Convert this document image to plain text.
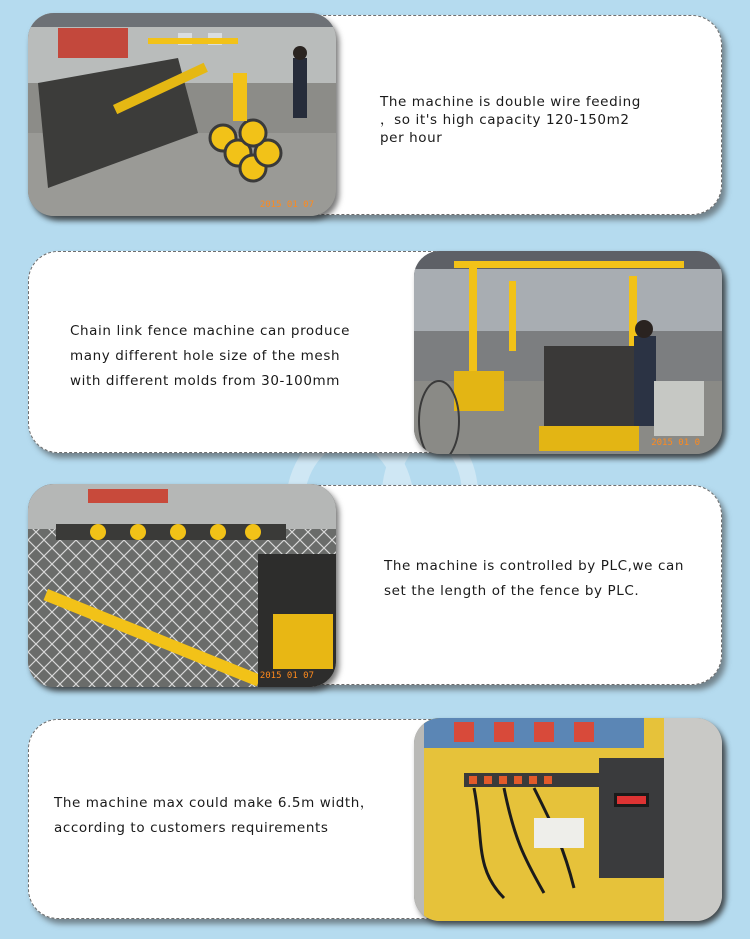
2015 01 07
The machine is double wire feeding
，so it's high capacity 120-150m2
per hour
2015 01 0
Chain link fence machine can produce
many different hole size of the mesh
with different molds from 30-100mm
2015 01 07
The machine is controlled by PLC,we can
set the length of the fence by PLC.
The machine max could make 6.5m width，
according to customers requirements
